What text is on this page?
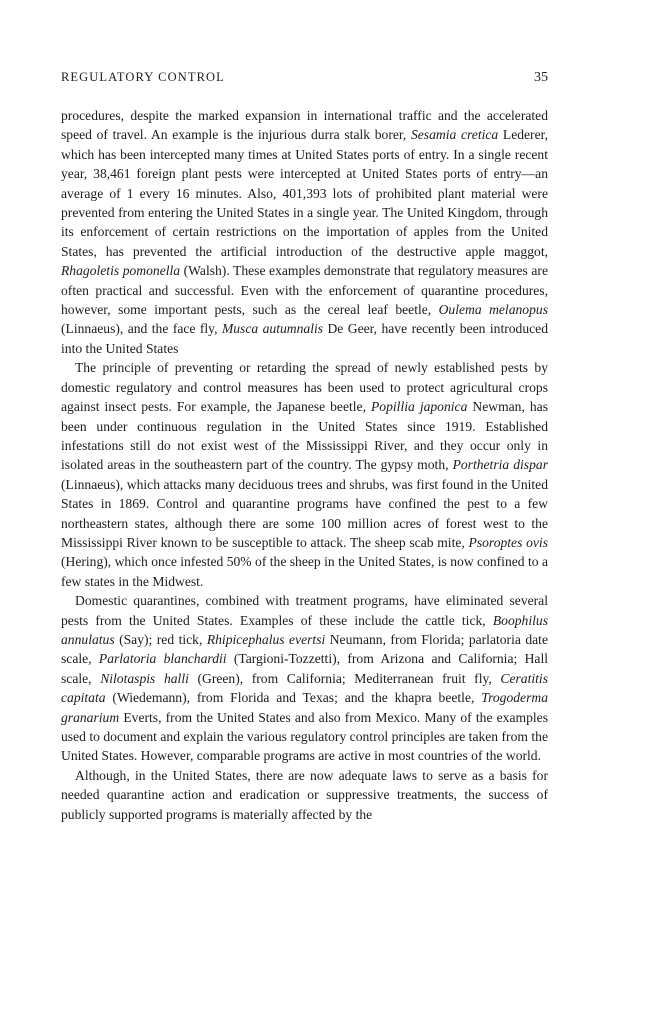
REGULATORY CONTROL	35

procedures, despite the marked expansion in international traffic and the accelerated speed of travel. An example is the injurious durra stalk borer, Sesamia cretica Lederer, which has been intercepted many times at United States ports of entry. In a single recent year, 38,461 foreign plant pests were intercepted at United States ports of entry—an average of 1 every 16 minutes. Also, 401,393 lots of prohibited plant material were prevented from entering the United States in a single year. The United Kingdom, through its enforcement of certain restrictions on the importation of apples from the United States, has prevented the artificial introduction of the destructive apple maggot, Rhagoletis pomonella (Walsh). These examples demonstrate that regulatory measures are often practical and successful. Even with the enforcement of quarantine procedures, however, some important pests, such as the cereal leaf beetle, Oulema melanopus (Linnaeus), and the face fly, Musca autumnalis De Geer, have recently been introduced into the United States

The principle of preventing or retarding the spread of newly established pests by domestic regulatory and control measures has been used to protect agricultural crops against insect pests. For example, the Japanese beetle, Popillia japonica Newman, has been under continuous regulation in the United States since 1919. Established infestations still do not exist west of the Mississippi River, and they occur only in isolated areas in the southeastern part of the country. The gypsy moth, Porthetria dispar (Linnaeus), which attacks many deciduous trees and shrubs, was first found in the United States in 1869. Control and quarantine programs have confined the pest to a few northeastern states, although there are some 100 million acres of forest west to the Mississippi River known to be susceptible to attack. The sheep scab mite, Psoroptes ovis (Hering), which once infested 50% of the sheep in the United States, is now confined to a few states in the Midwest.

Domestic quarantines, combined with treatment programs, have eliminated several pests from the United States. Examples of these include the cattle tick, Boophilus annulatus (Say); red tick, Rhipicephalus evertsi Neumann, from Florida; parlatoria date scale, Parlatoria blanchardii (Targioni-Tozzetti), from Arizona and California; Hall scale, Nilotaspis halli (Green), from California; Mediterranean fruit fly, Ceratitis capitata (Wiedemann), from Florida and Texas; and the khapra beetle, Trogoderma granarium Everts, from the United States and also from Mexico. Many of the examples used to document and explain the various regulatory control principles are taken from the United States. However, comparable programs are active in most countries of the world.

Although, in the United States, there are now adequate laws to serve as a basis for needed quarantine action and eradication or suppressive treatments, the success of publicly supported programs is materially affected by the
